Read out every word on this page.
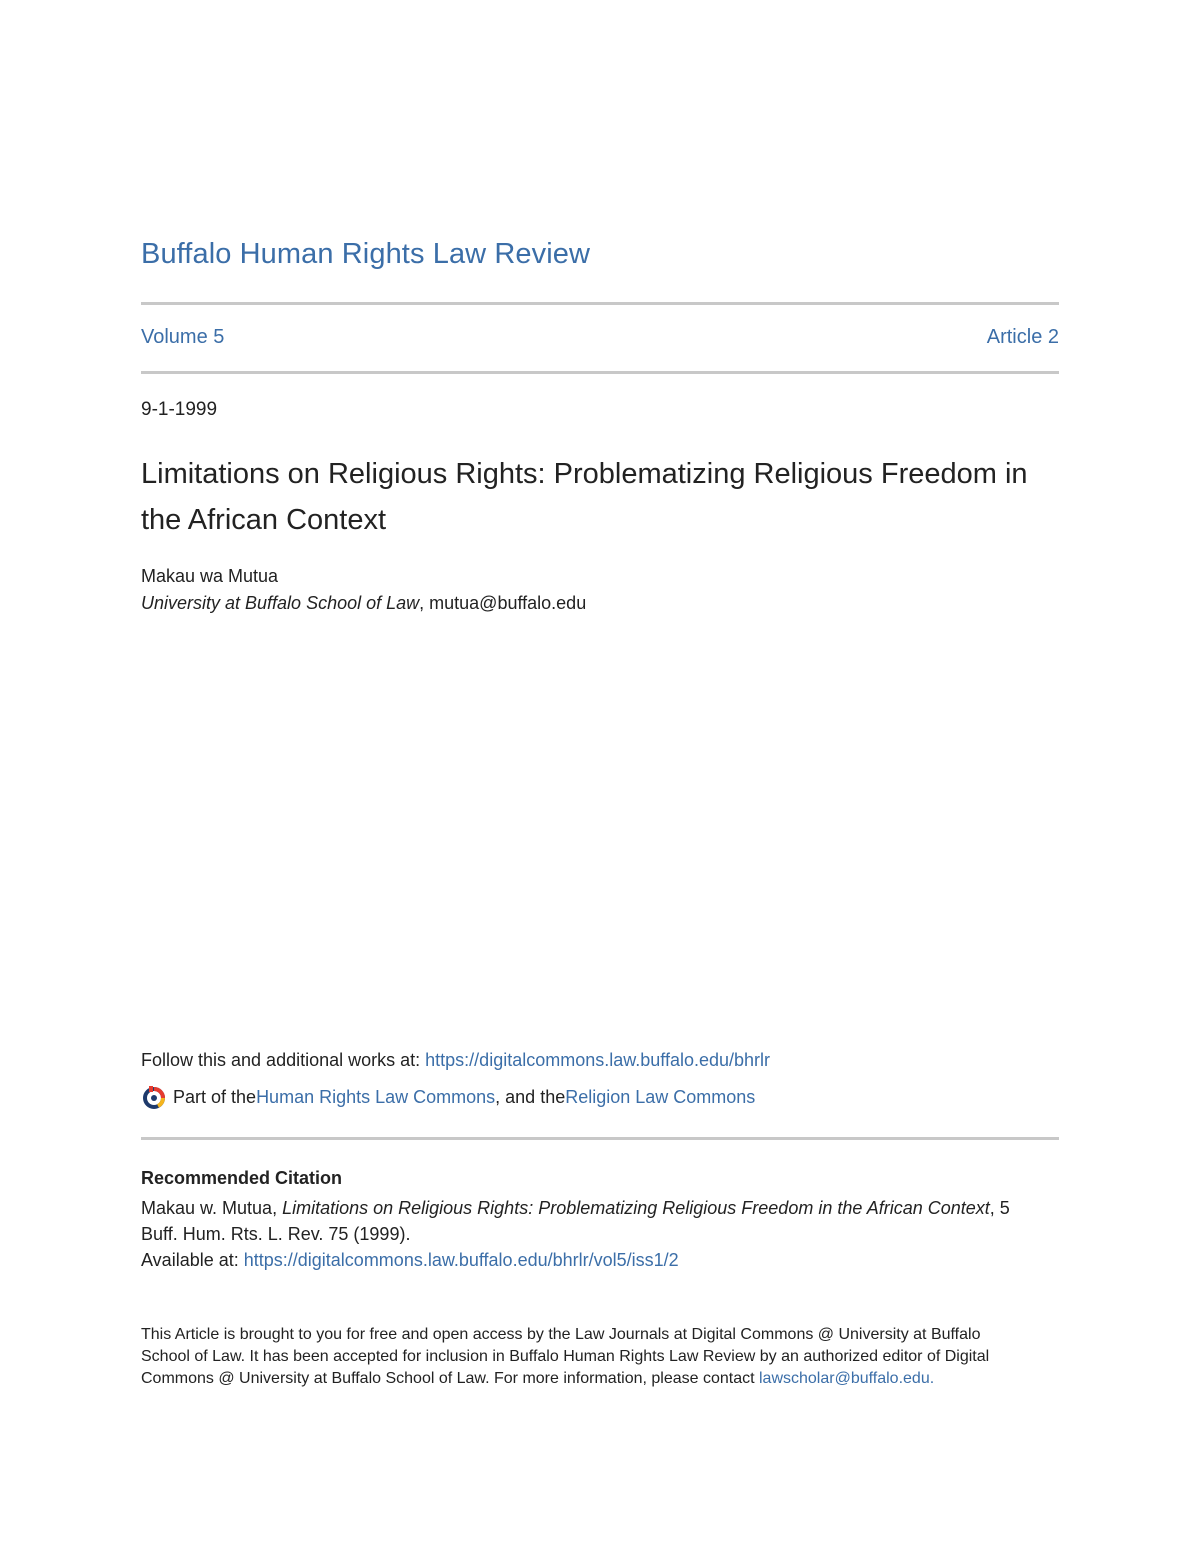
Buffalo Human Rights Law Review
Volume 5	Article 2
9-1-1999
Limitations on Religious Rights: Problematizing Religious Freedom in the African Context
Makau wa Mutua
University at Buffalo School of Law, mutua@buffalo.edu
Follow this and additional works at: https://digitalcommons.law.buffalo.edu/bhrlr
Part of the Human Rights Law Commons , and the Religion Law Commons
Recommended Citation
Makau w. Mutua, Limitations on Religious Rights: Problematizing Religious Freedom in the African Context, 5 Buff. Hum. Rts. L. Rev. 75 (1999).
Available at: https://digitalcommons.law.buffalo.edu/bhrlr/vol5/iss1/2
This Article is brought to you for free and open access by the Law Journals at Digital Commons @ University at Buffalo School of Law. It has been accepted for inclusion in Buffalo Human Rights Law Review by an authorized editor of Digital Commons @ University at Buffalo School of Law. For more information, please contact lawscholar@buffalo.edu.
